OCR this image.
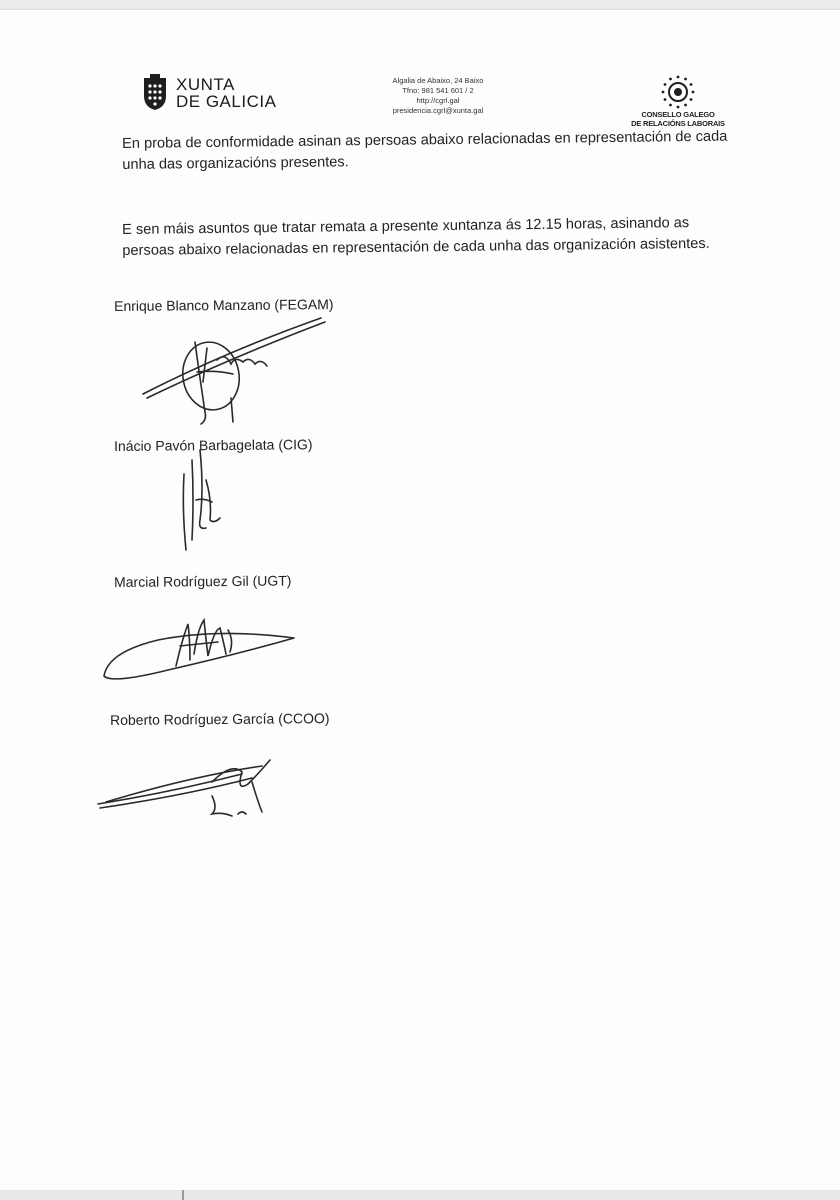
XUNTA
DE GALICIA
Algalia de Abaixo, 24 Baixo
Tfno: 981 541 601 / 2
http://cgrl.gal
presidencia.cgrl@xunta.gal	CONSELLO GALEGO
DE RELACIÓNS LABORAIS
En proba de conformidade asinan as persoas abaixo relacionadas en representación de cada unha das organizacións presentes.
E sen máis asuntos que tratar remata a presente xuntanza ás 12.15 horas, asinando as persoas abaixo relacionadas en representación de cada unha das organización asistentes.
Enrique Blanco Manzano (FEGAM)
Inácio Pavón Barbagelata (CIG)
Marcial Rodríguez Gil (UGT)
Roberto Rodríguez García (CCOO)
